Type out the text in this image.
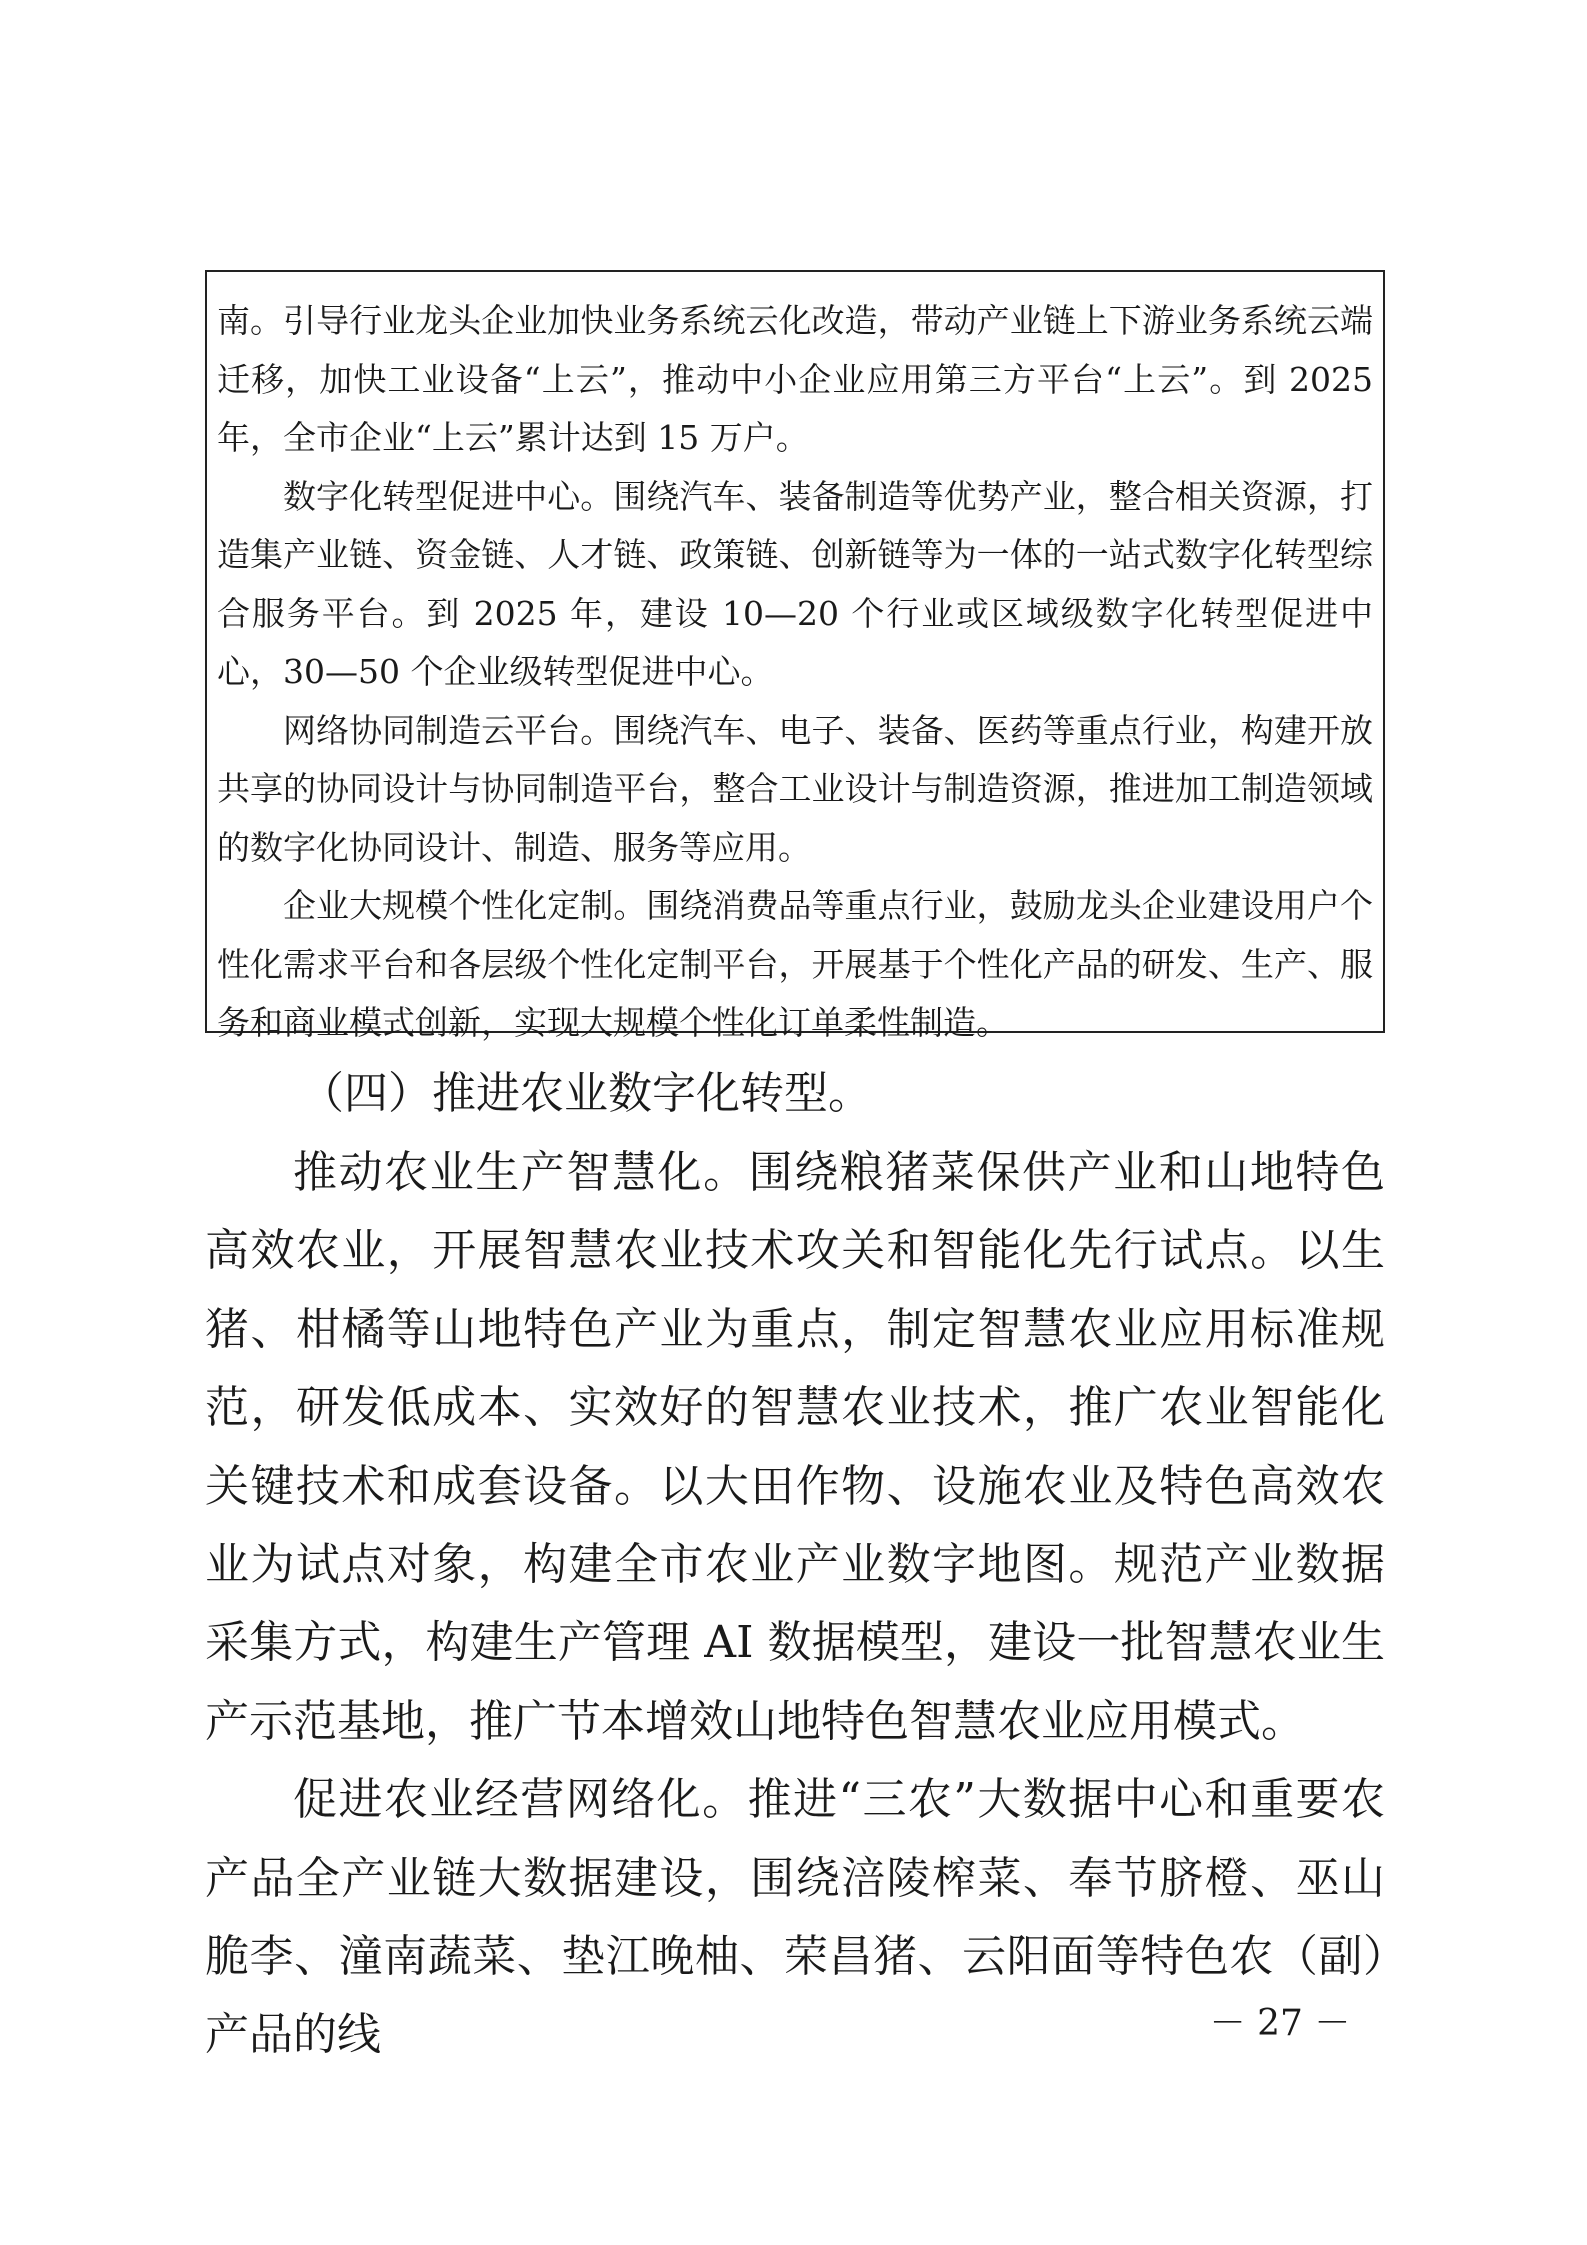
南。引导行业龙头企业加快业务系统云化改造，带动产业链上下游业务系统云端迁移，加快工业设备“上云”，推动中小企业应用第三方平台“上云”。到 2025 年，全市企业“上云”累计达到 15 万户。

数字化转型促进中心。围绕汽车、装备制造等优势产业，整合相关资源，打造集产业链、资金链、人才链、政策链、创新链等为一体的一站式数字化转型综合服务平台。到 2025 年，建设 10—20 个行业或区域级数字化转型促进中心，30—50 个企业级转型促进中心。

网络协同制造云平台。围绕汽车、电子、装备、医药等重点行业，构建开放共享的协同设计与协同制造平台，整合工业设计与制造资源，推进加工制造领域的数字化协同设计、制造、服务等应用。

企业大规模个性化定制。围绕消费品等重点行业，鼓励龙头企业建设用户个性化需求平台和各层级个性化定制平台，开展基于个性化产品的研发、生产、服务和商业模式创新，实现大规模个性化订单柔性制造。

（四）推进农业数字化转型。

推动农业生产智慧化。围绕粮猪菜保供产业和山地特色高效农业，开展智慧农业技术攻关和智能化先行试点。以生猪、柑橘等山地特色产业为重点，制定智慧农业应用标准规范，研发低成本、实效好的智慧农业技术，推广农业智能化关键技术和成套设备。以大田作物、设施农业及特色高效农业为试点对象，构建全市农业产业数字地图。规范产业数据采集方式，构建生产管理 AI 数据模型，建设一批智慧农业生产示范基地，推广节本增效山地特色智慧农业应用模式。

促进农业经营网络化。推进“三农”大数据中心和重要农产品全产业链大数据建设，围绕涪陵榨菜、奉节脐橙、巫山脆李、潼南蔬菜、垫江晚柚、荣昌猪、云阳面等特色农（副）产品的线	－ 27 －
